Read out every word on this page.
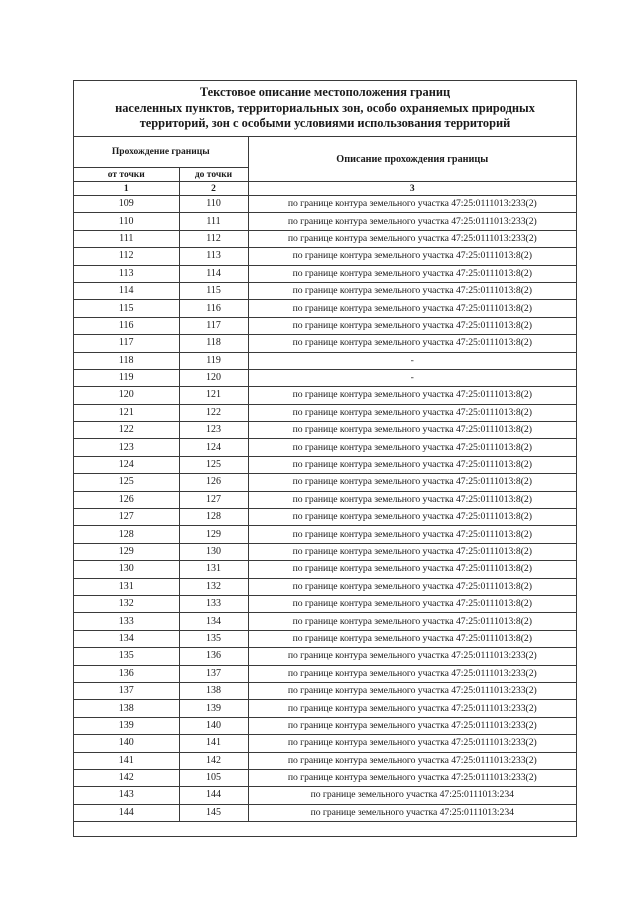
Текстовое описание местоположения границ
населенных пунктов, территориальных зон, особо охраняемых природных
территорий, зон с особыми условиями использования территорий
Прохождение границы		Описание прохождения границы
от точки	до точки	
1	2	3
109	110	по границе контура земельного участка 47:25:0111013:233(2)
110	111	по границе контура земельного участка 47:25:0111013:233(2)
111	112	по границе контура земельного участка 47:25:0111013:233(2)
112	113	по границе контура земельного участка 47:25:0111013:8(2)
113	114	по границе контура земельного участка 47:25:0111013:8(2)
114	115	по границе контура земельного участка 47:25:0111013:8(2)
115	116	по границе контура земельного участка 47:25:0111013:8(2)
116	117	по границе контура земельного участка 47:25:0111013:8(2)
117	118	по границе контура земельного участка 47:25:0111013:8(2)
118	119	-
119	120	-
120	121	по границе контура земельного участка 47:25:0111013:8(2)
121	122	по границе контура земельного участка 47:25:0111013:8(2)
122	123	по границе контура земельного участка 47:25:0111013:8(2)
123	124	по границе контура земельного участка 47:25:0111013:8(2)
124	125	по границе контура земельного участка 47:25:0111013:8(2)
125	126	по границе контура земельного участка 47:25:0111013:8(2)
126	127	по границе контура земельного участка 47:25:0111013:8(2)
127	128	по границе контура земельного участка 47:25:0111013:8(2)
128	129	по границе контура земельного участка 47:25:0111013:8(2)
129	130	по границе контура земельного участка 47:25:0111013:8(2)
130	131	по границе контура земельного участка 47:25:0111013:8(2)
131	132	по границе контура земельного участка 47:25:0111013:8(2)
132	133	по границе контура земельного участка 47:25:0111013:8(2)
133	134	по границе контура земельного участка 47:25:0111013:8(2)
134	135	по границе контура земельного участка 47:25:0111013:8(2)
135	136	по границе контура земельного участка 47:25:0111013:233(2)
136	137	по границе контура земельного участка 47:25:0111013:233(2)
137	138	по границе контура земельного участка 47:25:0111013:233(2)
138	139	по границе контура земельного участка 47:25:0111013:233(2)
139	140	по границе контура земельного участка 47:25:0111013:233(2)
140	141	по границе контура земельного участка 47:25:0111013:233(2)
141	142	по границе контура земельного участка 47:25:0111013:233(2)
142	105	по границе контура земельного участка 47:25:0111013:233(2)
143	144	по границе земельного участка 47:25:0111013:234
144	145	по границе земельного участка 47:25:0111013:234
